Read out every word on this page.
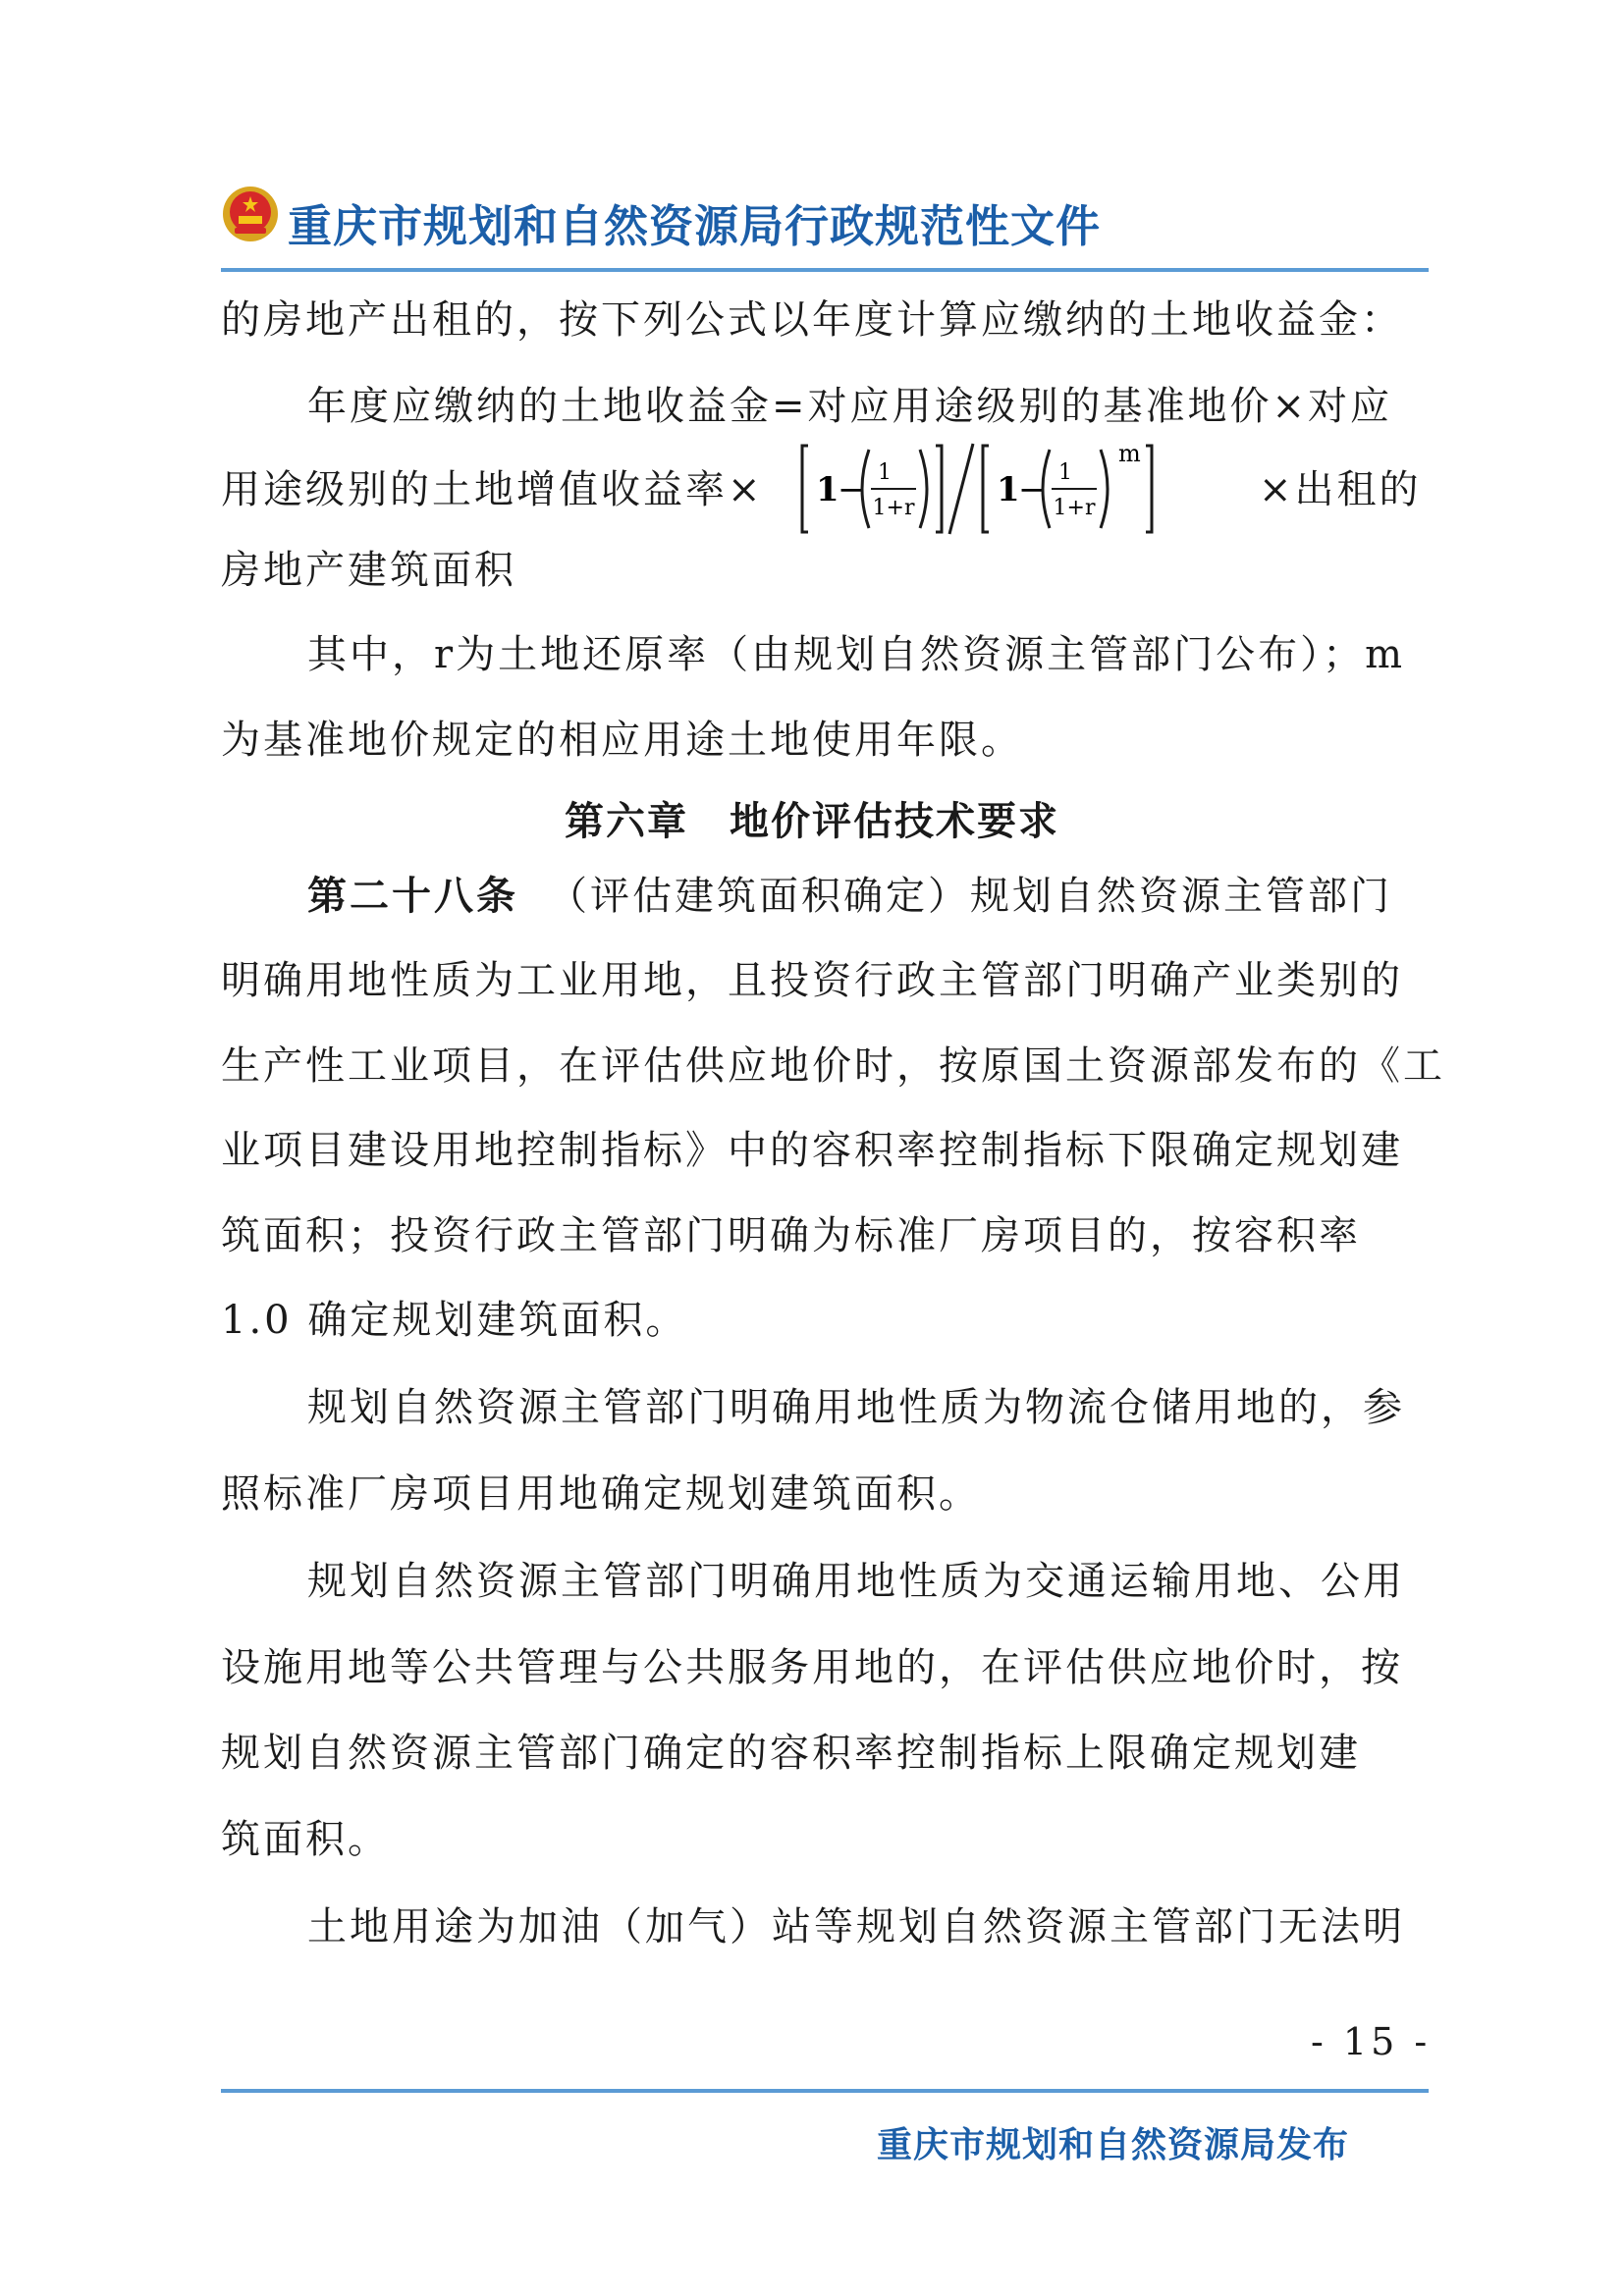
重庆市规划和自然资源局行政规范性文件
的房地产出租的，按下列公式以年度计算应缴纳的土地收益金：
年度应缴纳的土地收益金=对应用途级别的基准地价×对应
用途级别的土地增值收益率× 1
− 1
1+r 1
− 1
1+r
m
×出租的
房地产建筑面积
其中，r为土地还原率（由规划自然资源主管部门公布）；m
为基准地价规定的相应用途土地使用年限。
第六章　地价评估技术要求
第二十八条 （评估建筑面积确定）规划自然资源主管部门
明确用地性质为工业用地，且投资行政主管部门明确产业类别的
生产性工业项目，在评估供应地价时，按原国土资源部发布的《工
业项目建设用地控制指标》中的容积率控制指标下限确定规划建
筑面积；投资行政主管部门明确为标准厂房项目的，按容积率
1.0 确定规划建筑面积。
规划自然资源主管部门明确用地性质为物流仓储用地的，参
照标准厂房项目用地确定规划建筑面积。
规划自然资源主管部门明确用地性质为交通运输用地、公用
设施用地等公共管理与公共服务用地的，在评估供应地价时，按
规划自然资源主管部门确定的容积率控制指标上限确定规划建
筑面积。
土地用途为加油（加气）站等规划自然资源主管部门无法明
- 15 -
重庆市规划和自然资源局发布
